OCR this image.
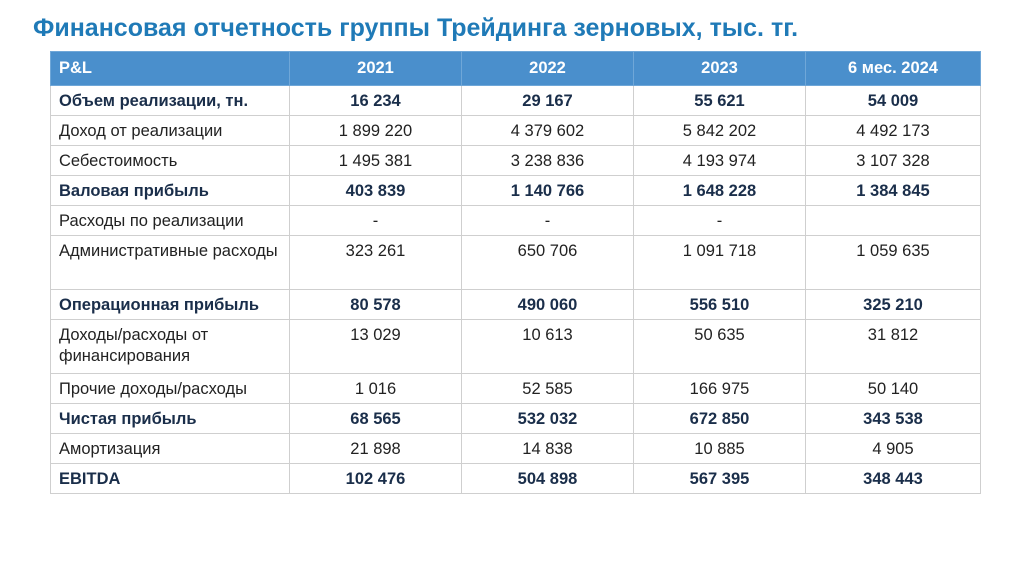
Финансовая отчетность группы Трейдинга зерновых, тыс. тг.
P&L	2021	2022	2023	6 мес. 2024
Объем реализации, тн.	16 234	29 167	55 621	54 009
Доход от реализации	1 899 220	4 379 602	5 842 202	4 492 173
Себестоимость	1 495 381	3 238 836	4 193 974	3 107 328
Валовая прибыль	403 839	1 140 766	1 648 228	1 384 845
Расходы по реализации	-	-	-	
Административные расходы	323 261	650 706	1 091 718	1 059 635
Операционная прибыль	80 578	490 060	556 510	325 210
Доходы/расходы от финансирования	13 029	10 613	50 635	31 812
Прочие доходы/расходы	1 016	52 585	166 975	50 140
Чистая прибыль	68 565	532 032	672 850	343 538
Амортизация	21 898	14 838	10 885	4 905
EBITDA	102 476	504 898	567 395	348 443
